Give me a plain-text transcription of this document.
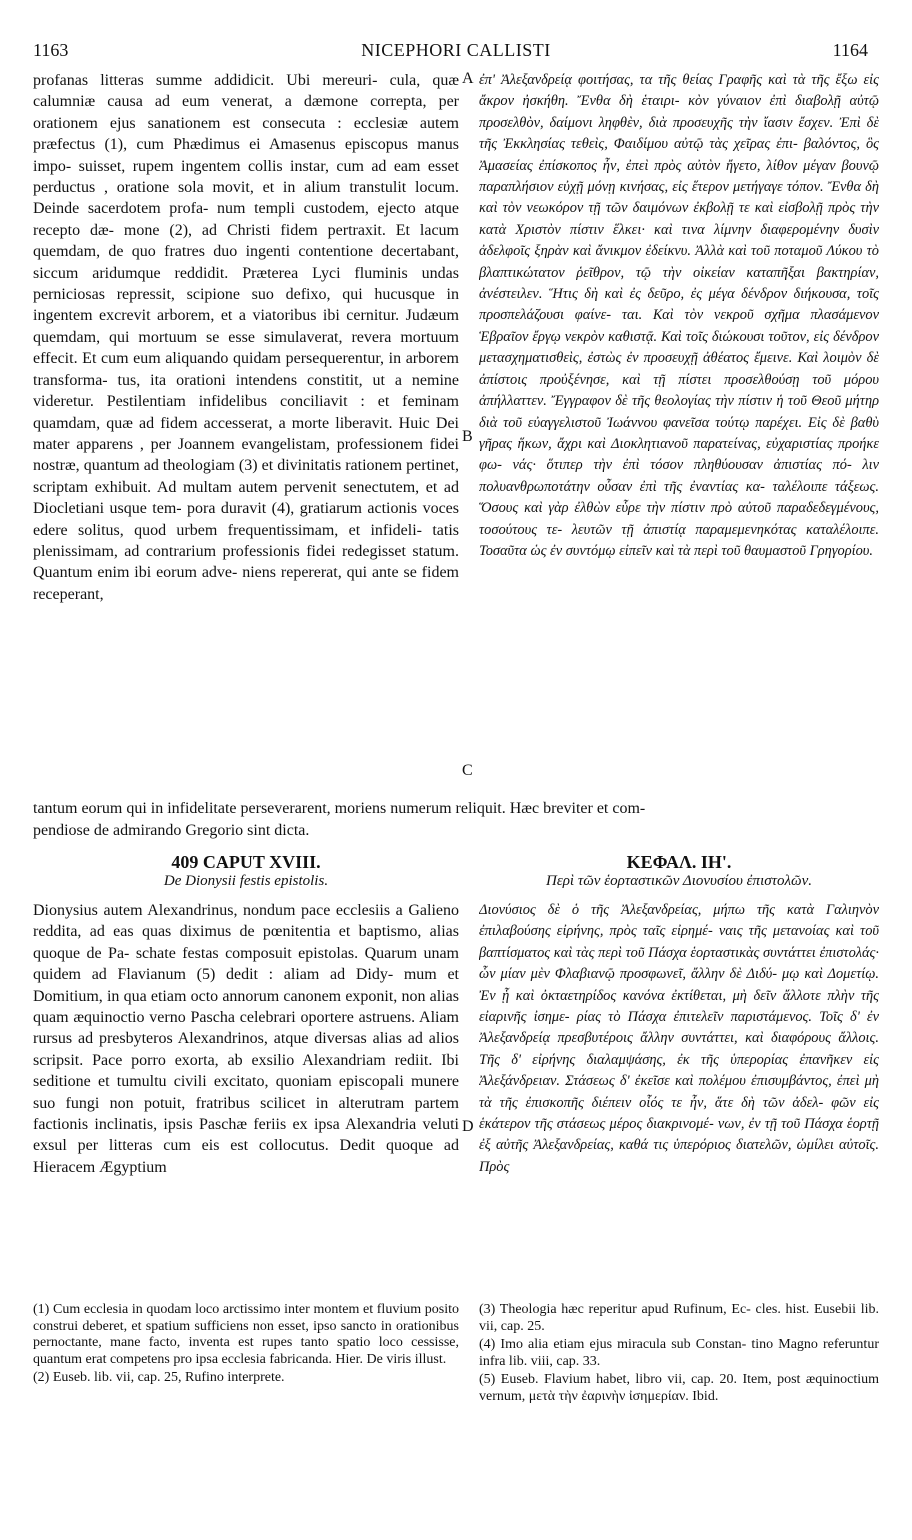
1163	NICEPHORI CALLISTI	1164

profanas litteras summe addidicit. Ubi mereuri- cula, quæ calumniæ causa ad eum venerat, a dæmone correpta, per orationem ejus sanationem est consecuta : ecclesiæ autem præfectus (1), cum Phædimus ei Amasenus episcopus manus impo- suisset, rupem ingentem collis instar, cum ad eam esset perductus , oratione sola movit, et in alium transtulit locum. Deinde sacerdotem profa- num templi custodem, ejecto atque recepto dæ- mone (2), ad Christi fidem pertraxit. Et lacum quemdam, de quo fratres duo ingenti contentione decertabant, siccum aridumque reddidit. Præterea Lyci fluminis undas perniciosas repressit, scipione suo defixo, qui hucusque in ingentem excrevit arborem, et a viatoribus ibi cernitur. Judæum quemdam, qui mortuum se esse simulaverat, revera mortuum effecit. Et cum eum aliquando quidam persequerentur, in arborem transforma- tus, ita orationi intendens constitit, ut a nemine videretur. Pestilentiam infidelibus conciliavit : et feminam quamdam, quæ ad fidem accesserat, a morte liberavit. Huic Dei mater apparens , per Joannem evangelistam, professionem fidei nostræ, quantum ad theologiam (3) et divinitatis rationem pertinet, scriptam exhibuit. Ad multam autem pervenit senectutem, et ad Diocletiani usque tem- pora duravit (4), gratiarum actionis voces edere solitus, quod urbem frequentissimam, et infideli- tatis plenissimam, ad contrarium professionis fidei redegisset statum. Quantum enim ibi eorum adve- niens repererat, qui ante se fidem receperant,

ἐπ' Ἀλεξανδρείᾳ φοιτήσας, τα τῆς θείας Γραφῆς καὶ τὰ τῆς ἔξω εἰς ἄκρον ἠσκήθη. Ἔνθα δὴ ἑταιρι- κὸν γύναιον ἐπὶ διαβολῇ αὐτῷ προσελθὸν, δαίμονι ληφθὲν, διὰ προσευχῆς τὴν ἴασιν ἔσχεν. Ἐπὶ δὲ τῆς Ἐκκλησίας τεθεὶς, Φαιδίμου αὐτῷ τὰς χεῖρας ἐπι- βαλόντος, ὃς Ἀμασείας ἐπίσκοπος ἦν, ἐπεὶ πρὸς αὐτὸν ἤγετο, λίθον μέγαν βουνῷ παραπλήσιον εὐχῇ μόνῃ κινήσας, εἰς ἕτερον μετήγαγε τόπον. Ἔνθα δὴ καὶ τὸν νεωκόρον τῇ τῶν δαιμόνων ἐκβολῇ τε καὶ εἰσβολῇ πρὸς τὴν κατὰ Χριστὸν πίστιν ἕλκει· καὶ τινα λίμνην διαφερομένην δυσὶν ἀδελφοῖς ξηρὰν καὶ ἄνικμον ἐδείκνυ. Ἀλλὰ καὶ τοῦ ποταμοῦ Λύκου τὸ βλαπτικώτατον ῥεῖθρον, τῷ τὴν οἰκείαν καταπῆξαι βακτηρίαν, ἀνέστειλεν. Ἥτις δὴ καὶ ἐς δεῦρο, ἐς μέγα δένδρον διήκουσα, τοῖς προσπελάζουσι φαίνε- ται. Καὶ τὸν νεκροῦ σχῆμα πλασάμενον Ἑβραῖον ἔργῳ νεκρὸν καθιστᾷ. Καὶ τοῖς διώκουσι τοῦτον, εἰς δένδρον μετασχηματισθεὶς, ἐστὼς ἐν προσευχῇ ἀθέατος ἔμεινε. Καὶ λοιμὸν δὲ ἀπίστοις προὐξένησε, καὶ τῇ πίστει προσελθούσῃ τοῦ μόρου ἀπήλλαττεν. Ἔγγραφον δὲ τῆς θεολογίας τὴν πίστιν ἡ τοῦ Θεοῦ μήτηρ διὰ τοῦ εὐαγγελιστοῦ Ἰωάννου φανεῖσα τούτῳ παρέχει. Εἰς δὲ βαθὺ γῆρας ἥκων, ἄχρι καὶ Διοκλητιανοῦ παρατείνας, εὐχαριστίας προήκε φω- νάς· ὅτιπερ τὴν ἐπὶ τόσον πληθύουσαν ἀπιστίας πό- λιν πολυανθρωποτάτην οὖσαν ἐπὶ τῆς ἐναντίας κα- ταλέλοιπε τάξεως. Ὅσους καὶ γὰρ ἐλθὼν εὗρε τὴν πίστιν πρὸ αὐτοῦ παραδεδεγμένους, τοσούτους τε- λευτῶν τῇ ἀπιστίᾳ παραμεμενηκότας καταλέλοιπε. Τοσαῦτα ὡς ἐν συντόμῳ εἰπεῖν καὶ τὰ περὶ τοῦ θαυμαστοῦ Γρηγορίου.

A
B
C
D
tantum eorum qui in infidelitate perseverarent, moriens numerum reliquit. Hæc breviter et com-
pendiose de admirando Gregorio sint dicta.
409 CAPUT XVIII.
De Dionysii festis epistolis.
ΚΕΦΑΛ. ΙΗ'.
Περὶ τῶν ἑορταστικῶν Διονυσίου ἐπιστολῶν.

Dionysius autem Alexandrinus, nondum pace ecclesiis a Galieno reddita, ad eas quas diximus de pœnitentia et baptismo, alias quoque de Pa- schate festas composuit epistolas. Quarum unam quidem ad Flavianum (5) dedit : aliam ad Didy- mum et Domitium, in qua etiam octo annorum canonem exponit, non alias quam æquinoctio verno Pascha celebrari oportere astruens. Aliam rursus ad presbyteros Alexandrinos, atque diversas alias ad alios scripsit. Pace porro exorta, ab exsilio Alexandriam rediit. Ibi seditione et tumultu civili excitato, quoniam episcopali munere suo fungi non potuit, fratribus scilicet in alterutram partem factionis inclinatis, ipsis Paschæ feriis ex ipsa Alexandria veluti exsul per litteras cum eis est collocutus. Dedit quoque ad Hieracem Ægyptium

Διονύσιος δὲ ὁ τῆς Ἀλεξανδρείας, μήπω τῆς κατὰ Γαλιηνὸν ἐπιλαβούσης εἰρήνης, πρὸς ταῖς εἰρημέ- ναις τῆς μετανοίας καὶ τοῦ βαπτίσματος καὶ τὰς περὶ τοῦ Πάσχα ἑορταστικὰς συντάττει ἐπιστολάς· ὧν μίαν μὲν Φλαβιανῷ προσφωνεῖ, ἄλλην δὲ Διδύ- μῳ καὶ Δομετίῳ. Ἐν ᾗ καὶ ὀκταετηρίδος κανόνα ἐκτίθεται, μὴ δεῖν ἄλλοτε πλὴν τῆς εἰαρινῆς ἰσημε- ρίας τὸ Πάσχα ἐπιτελεῖν παριστάμενος. Τοῖς δ' ἐν Ἀλεξανδρείᾳ πρεσβυτέροις ἄλλην συντάττει, καὶ διαφόρους ἄλλοις. Τῆς δ' εἰρήνης διαλαμψάσης, ἐκ τῆς ὑπερορίας ἐπανῆκεν εἰς Ἀλεξάνδρειαν. Στάσεως δ' ἐκεῖσε καὶ πολέμου ἐπισυμβάντος, ἐπεὶ μὴ τὰ τῆς ἐπισκοπῆς διέπειν οἷός τε ἦν, ἅτε δὴ τῶν ἀδελ- φῶν εἰς ἑκάτερον τῆς στάσεως μέρος διακρινομέ- νων, ἐν τῇ τοῦ Πάσχα ἑορτῇ ἐξ αὐτῆς Ἀλεξανδρείας, καθά τις ὑπερόριος διατελῶν, ὡμίλει αὐτοῖς. Πρὸς

(1) Cum ecclesia in quodam loco arctissimo inter montem et fluvium posito construi deberet, et spatium sufficiens non esset, ipso sancto in orationibus pernoctante, mane facto, inventa est rupes tanto spatio loco cessisse, quantum erat competens pro ipsa ecclesia fabricanda. Hier. De viris illust.

(2) Euseb. lib. vii, cap. 25, Rufino interprete.

(3) Theologia hæc reperitur apud Rufinum, Ec- cles. hist. Eusebii lib. vii, cap. 25.

(4) Imo alia etiam ejus miracula sub Constan- tino Magno referuntur infra lib. viii, cap. 33.

(5) Euseb. Flavium habet, libro vii, cap. 20. Item, post æquinoctium vernum, μετὰ τὴν ἐαρινὴν ἰσημερίαν. Ibid.
